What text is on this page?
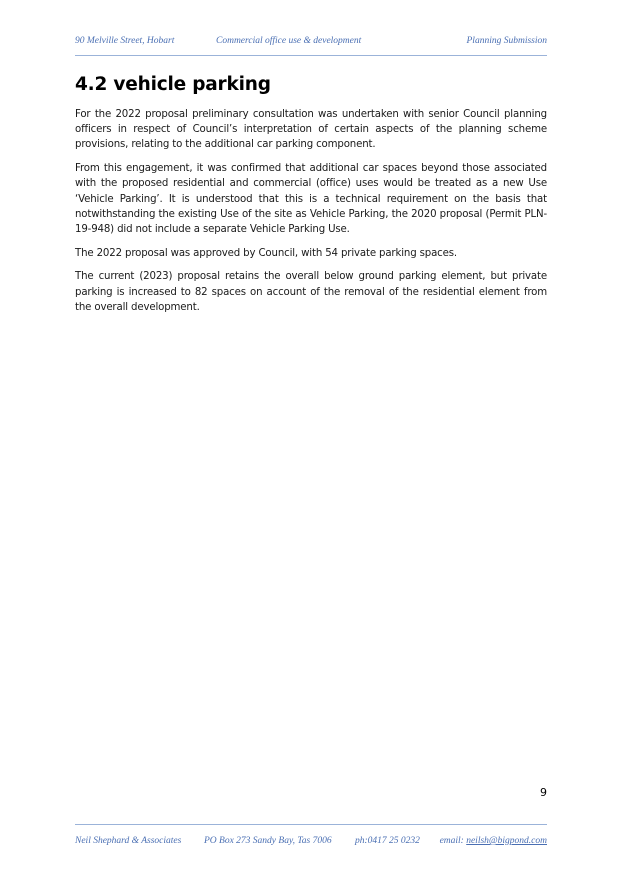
90 Melville Street, Hobart	Commercial office use & development	Planning Submission
4.2 vehicle parking

For the 2022 proposal preliminary consultation was undertaken with senior Council planning officers in respect of Council’s interpretation of certain aspects of the planning scheme provisions, relating to the additional car parking component.

From this engagement, it was confirmed that additional car spaces beyond those associated with the proposed residential and commercial (office) uses would be treated as a new Use ‘Vehicle Parking’. It is understood that this is a technical requirement on the basis that notwithstanding the existing Use of the site as Vehicle Parking, the 2020 proposal (Permit PLN-19-948) did not include a separate Vehicle Parking Use.

The 2022 proposal was approved by Council, with 54 private parking spaces.

The current (2023) proposal retains the overall below ground parking element, but private parking is increased to 82 spaces on account of the removal of the residential element from the overall development.

9
Neil Shephard & Associates PO Box 273 Sandy Bay, Tas 7006 ph:0417 25 0232 email: neilsh@bigpond.com
